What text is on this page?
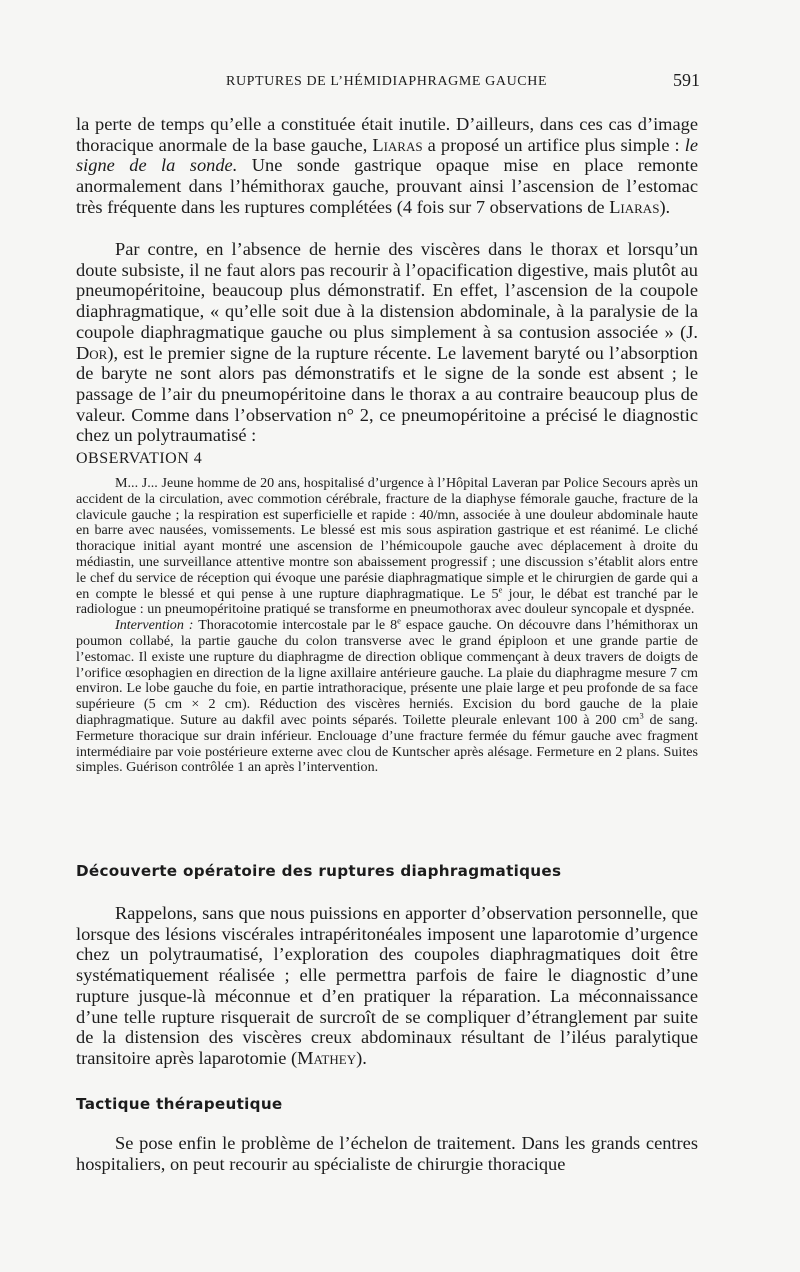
RUPTURES DE L’HÉMIDIAPHRAGME GAUCHE	591

la perte de temps qu’elle a constituée était inutile. D’ailleurs, dans ces cas d’image thoracique anormale de la base gauche, Liaras a proposé un artifice plus simple : le signe de la sonde. Une sonde gastrique opaque mise en place remonte anormalement dans l’hémithorax gauche, prouvant ainsi l’ascension de l’estomac très fréquente dans les ruptures complétées (4 fois sur 7 observations de Liaras).

Par contre, en l’absence de hernie des viscères dans le thorax et lorsqu’un doute subsiste, il ne faut alors pas recourir à l’opacification digestive, mais plutôt au pneumopéritoine, beaucoup plus démonstratif. En effet, l’ascension de la coupole diaphragmatique, « qu’elle soit due à la distension abdominale, à la paralysie de la coupole diaphragmatique gauche ou plus simplement à sa contusion associée » (J. Dor), est le premier signe de la rupture récente. Le lavement baryté ou l’absorption de baryte ne sont alors pas démonstratifs et le signe de la sonde est absent ; le passage de l’air du pneumopéritoine dans le thorax a au contraire beaucoup plus de valeur. Comme dans l’observation n° 2, ce pneumopéritoine a précisé le diagnostic chez un polytraumatisé :

OBSERVATION 4

M... J... Jeune homme de 20 ans, hospitalisé d’urgence à l’Hôpital Laveran par Police Secours après un accident de la circulation, avec commotion cérébrale, fracture de la diaphyse fémorale gauche, fracture de la clavicule gauche ; la respiration est superficielle et rapide : 40/mn, associée à une douleur abdominale haute en barre avec nausées, vomissements. Le blessé est mis sous aspiration gastrique et est réanimé. Le cliché thoracique initial ayant montré une ascension de l’hémicoupole gauche avec déplacement à droite du médiastin, une surveillance attentive montre son abaissement progressif ; une discussion s’établit alors entre le chef du service de réception qui évoque une parésie diaphragmatique simple et le chirurgien de garde qui a en compte le blessé et qui pense à une rupture diaphragmatique. Le 5e jour, le débat est tranché par le radiologue : un pneumopéritoine pratiqué se transforme en pneumothorax avec douleur syncopale et dyspnée.

Intervention : Thoracotomie intercostale par le 8e espace gauche. On découvre dans l’hémithorax un poumon collabé, la partie gauche du colon transverse avec le grand épiploon et une grande partie de l’estomac. Il existe une rupture du diaphragme de direction oblique commençant à deux travers de doigts de l’orifice œsophagien en direction de la ligne axillaire antérieure gauche. La plaie du diaphragme mesure 7 cm environ. Le lobe gauche du foie, en partie intrathoracique, présente une plaie large et peu profonde de sa face supérieure (5 cm × 2 cm). Réduction des viscères herniés. Excision du bord gauche de la plaie diaphragmatique. Suture au dakfil avec points séparés. Toilette pleurale enlevant 100 à 200 $cm^3$ de sang. Fermeture thoracique sur drain inférieur. Enclouage d’une fracture fermée du fémur gauche avec fragment intermédiaire par voie postérieure externe avec clou de Kuntscher après alésage. Fermeture en 2 plans. Suites simples. Guérison contrôlée 1 an après l’intervention.

Découverte opératoire des ruptures diaphragmatiques

Rappelons, sans que nous puissions en apporter d’observation personnelle, que lorsque des lésions viscérales intrapéritonéales imposent une laparotomie d’urgence chez un polytraumatisé, l’exploration des coupoles diaphragmatiques doit être systématiquement réalisée ; elle permettra parfois de faire le diagnostic d’une rupture jusque-là méconnue et d’en pratiquer la réparation. La méconnaissance d’une telle rupture risquerait de surcroît de se compliquer d’étranglement par suite de la distension des viscères creux abdominaux résultant de l’iléus paralytique transitoire après laparotomie (Mathey).

Tactique thérapeutique

Se pose enfin le problème de l’échelon de traitement. Dans les grands centres hospitaliers, on peut recourir au spécialiste de chirurgie thoracique
